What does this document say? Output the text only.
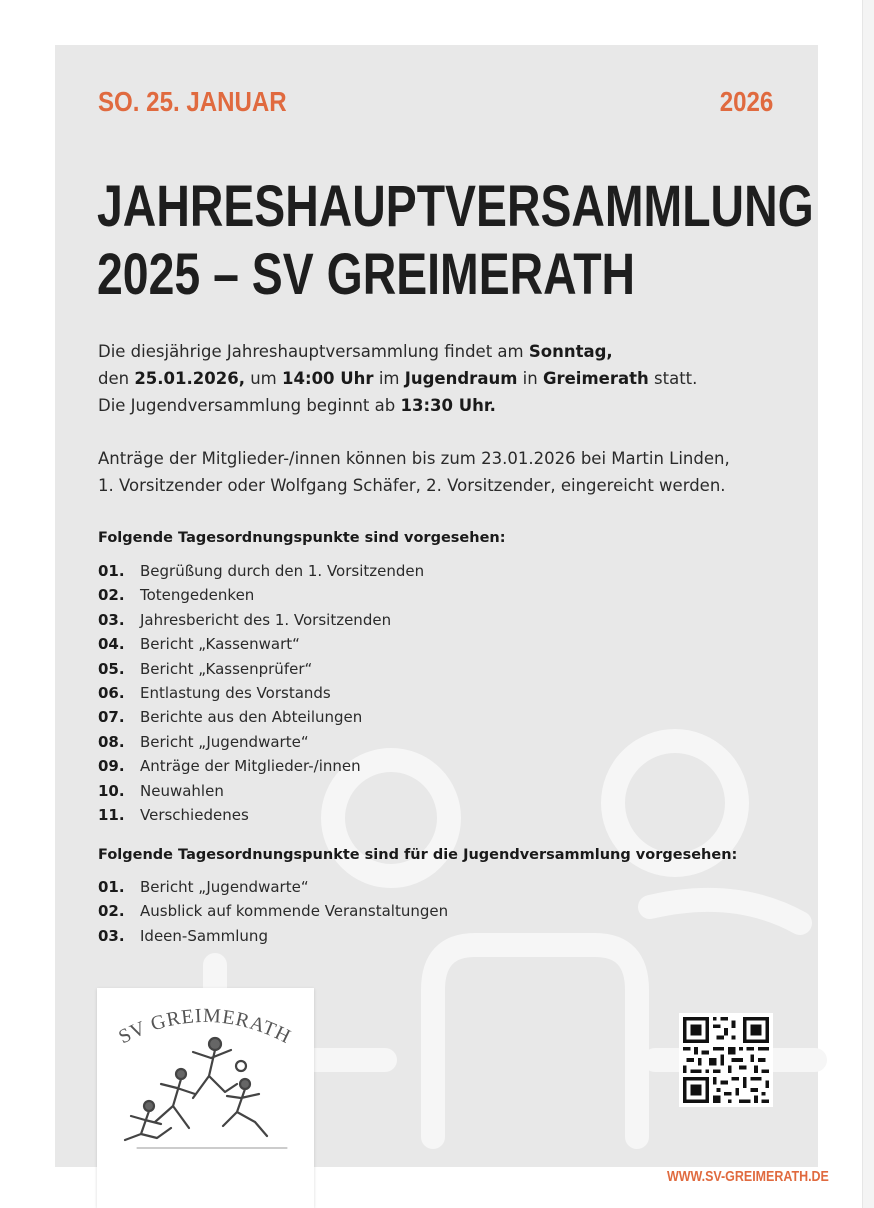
SO. 25. JANUAR	2026
JAHRESHAUPTVERSAMMLUNG
2025 – SV GREIMERATH

Die diesjährige Jahreshauptversammlung findet am Sonntag,

den 25.01.2026, um 14:00 Uhr im Jugendraum in Greimerath statt.

Die Jugendversammlung beginnt ab 13:30 Uhr.

Anträge der Mitglieder-/innen können bis zum 23.01.2026 bei Martin Linden,

1. Vorsitzender oder Wolfgang Schäfer, 2. Vorsitzender, eingereicht werden.

Folgende Tagesordnungspunkte sind vorgesehen:
01. Begrüßung durch den 1. Vorsitzenden
02. Totengedenken
03. Jahresbericht des 1. Vorsitzenden
04. Bericht „Kassenwart“
05. Bericht „Kassenprüfer“
06. Entlastung des Vorstands
07. Berichte aus den Abteilungen
08. Bericht „Jugendwarte“
09. Anträge der Mitglieder-/innen
10. Neuwahlen
11. Verschiedenes
Folgende Tagesordnungspunkte sind für die Jugendversammlung vorgesehen:
01. Bericht „Jugendwarte“
02. Ausblick auf kommende Veranstaltungen
03. Ideen-Sammlung
WWW.SV-GREIMERATH.DE
SV GREIMERATH
